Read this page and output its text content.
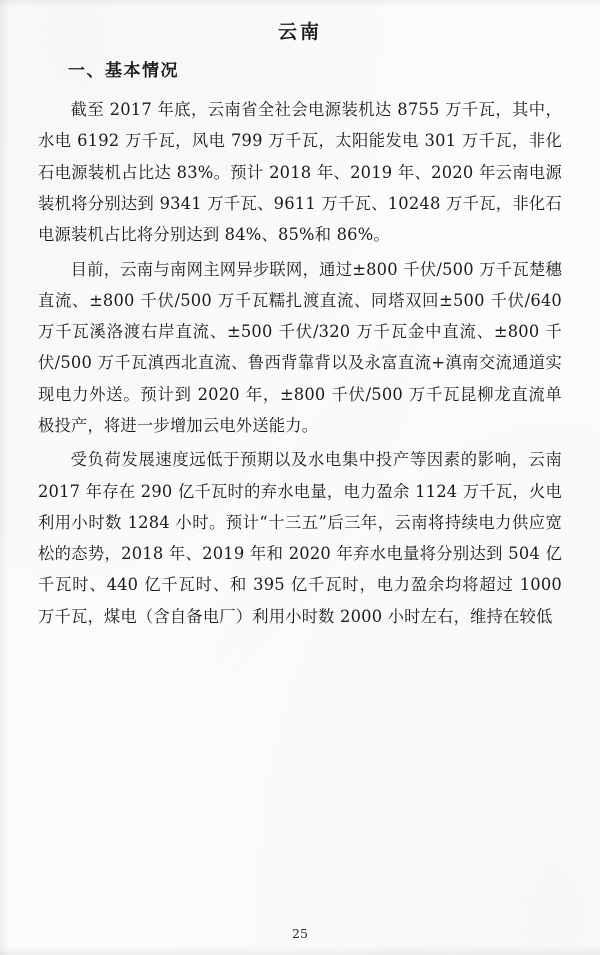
云南
一、基本情况

截至 2017 年底，云南省全社会电源装机达 8755 万千瓦，其中，水电 6192 万千瓦，风电 799 万千瓦，太阳能发电 301 万千瓦，非化石电源装机占比达 83%。预计 2018 年、2019 年、2020 年云南电源装机将分别达到 9341 万千瓦、9611 万千瓦、10248 万千瓦，非化石电源装机占比将分别达到 84%、85%和 86%。

目前，云南与南网主网异步联网，通过±800 千伏/500 万千瓦楚穗直流、±800 千伏/500 万千瓦糯扎渡直流、同塔双回±500 千伏/640 万千瓦溪洛渡右岸直流、±500 千伏/320 万千瓦金中直流、±800 千伏/500 万千瓦滇西北直流、鲁西背靠背以及永富直流+滇南交流通道实现电力外送。预计到 2020 年，±800 千伏/500 万千瓦昆柳龙直流单极投产，将进一步增加云电外送能力。

受负荷发展速度远低于预期以及水电集中投产等因素的影响，云南 2017 年存在 290 亿千瓦时的弃水电量，电力盈余 1124 万千瓦，火电利用小时数 1284 小时。预计“十三五”后三年，云南将持续电力供应宽松的态势，2018 年、2019 年和 2020 年弃水电量将分别达到 504 亿千瓦时、440 亿千瓦时、和 395 亿千瓦时，电力盈余均将超过 1000 万千瓦，煤电（含自备电厂）利用小时数 2000 小时左右，维持在较低

25
